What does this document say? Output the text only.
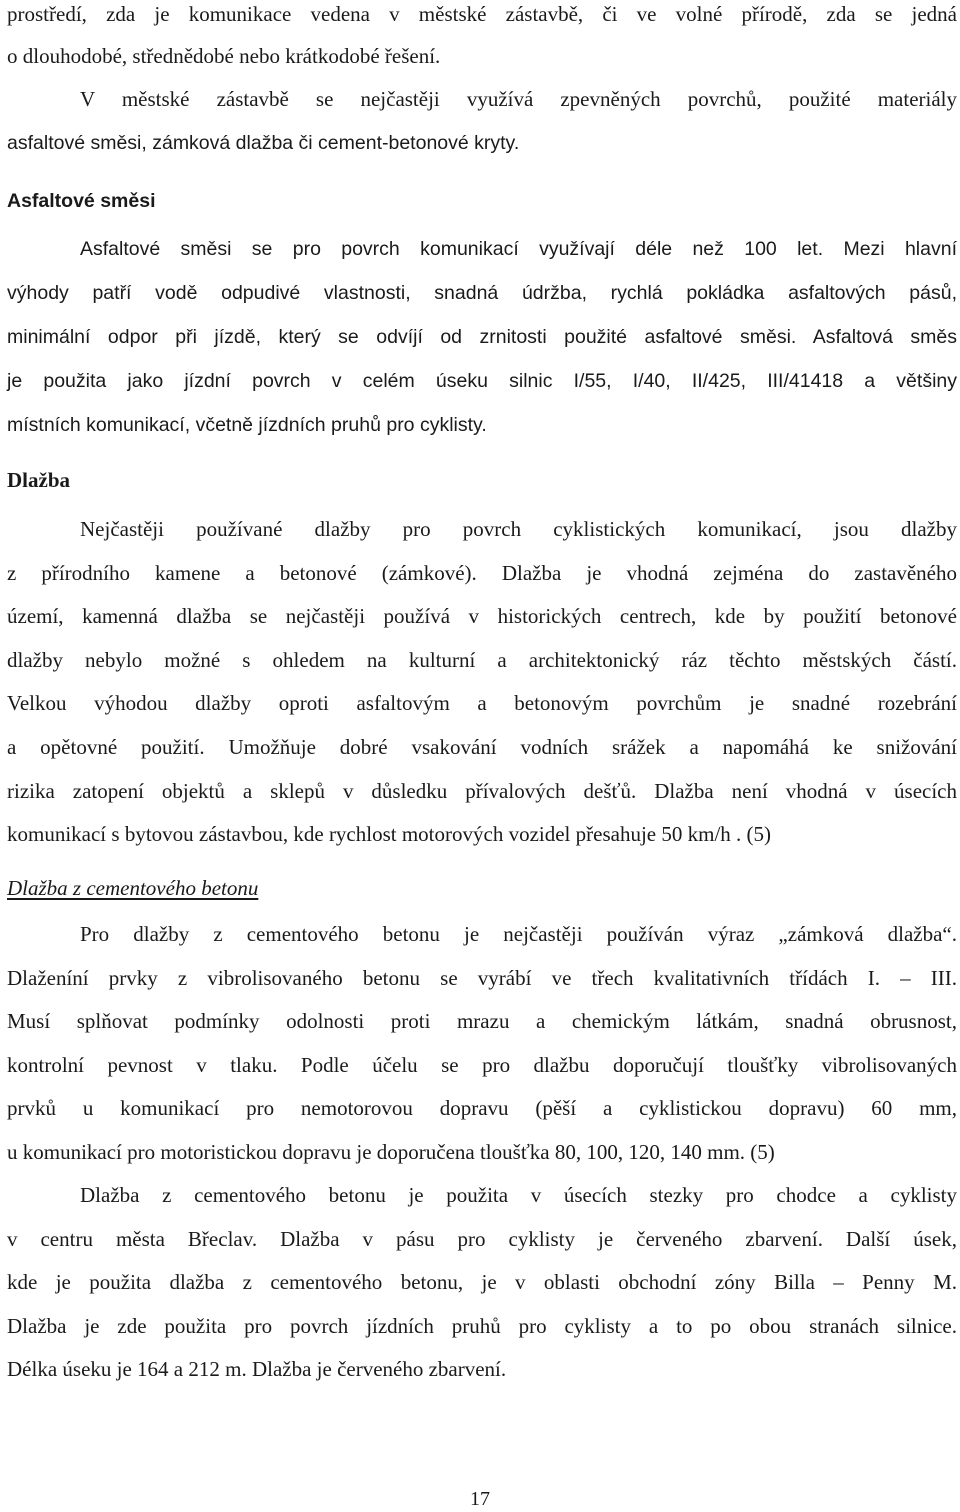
prostředí, zda je komunikace vedena v městské zástavbě, či ve volné přírodě, zda se jedná
o dlouhodobé, střednědobé nebo krátkodobé řešení.
V městské zástavbě se nejčastěji využívá zpevněných povrchů, použité materiály
asfaltové směsi, zámková dlažba či cement-betonové kryty.
Asfaltové směsi
Asfaltové směsi se pro povrch komunikací využívají déle než 100 let. Mezi hlavní
výhody patří vodě odpudivé vlastnosti, snadná údržba, rychlá pokládka asfaltových pásů,
minimální odpor při jízdě, který se odvíjí od zrnitosti použité asfaltové směsi. Asfaltová směs
je použita jako jízdní povrch v celém úseku silnic I/55, I/40, II/425, III/41418 a většiny
místních komunikací, včetně jízdních pruhů pro cyklisty.
Dlažba
Nejčastěji používané dlažby pro povrch cyklistických komunikací, jsou dlažby
z přírodního kamene a betonové (zámkové). Dlažba je vhodná zejména do zastavěného
území, kamenná dlažba se nejčastěji používá v historických centrech, kde by použití betonové
dlažby nebylo možné s ohledem na kulturní a architektonický ráz těchto městských částí.
Velkou výhodou dlažby oproti asfaltovým a betonovým povrchům je snadné rozebrání
a opětovné použití. Umožňuje dobré vsakování vodních srážek a napomáhá ke snižování
rizika zatopení objektů a sklepů v důsledku přívalových dešťů. Dlažba není vhodná v úsecích
komunikací s bytovou zástavbou, kde rychlost motorových vozidel přesahuje 50 km/h . (5)
Dlažba z cementového betonu
Pro dlažby z cementového betonu je nejčastěji používán výraz „zámková dlažba“.
Dlaženíní prvky z vibrolisovaného betonu se vyrábí ve třech kvalitativních třídách I. – III.
Musí splňovat podmínky odolnosti proti mrazu a chemickým látkám, snadná obrusnost,
kontrolní pevnost v tlaku. Podle účelu se pro dlažbu doporučují tloušťky vibrolisovaných
prvků u komunikací pro nemotorovou dopravu (pěší a cyklistickou dopravu) 60 mm,
u komunikací pro motoristickou dopravu je doporučena tloušťka 80, 100, 120, 140 mm. (5)
Dlažba z cementového betonu je použita v úsecích stezky pro chodce a cyklisty
v centru města Břeclav. Dlažba v pásu pro cyklisty je červeného zbarvení. Další úsek,
kde je použita dlažba z cementového betonu, je v oblasti obchodní zóny Billa – Penny M.
Dlažba je zde použita pro povrch jízdních pruhů pro cyklisty a to po obou stranách silnice.
Délka úseku je 164 a 212 m. Dlažba je červeného zbarvení.
17
